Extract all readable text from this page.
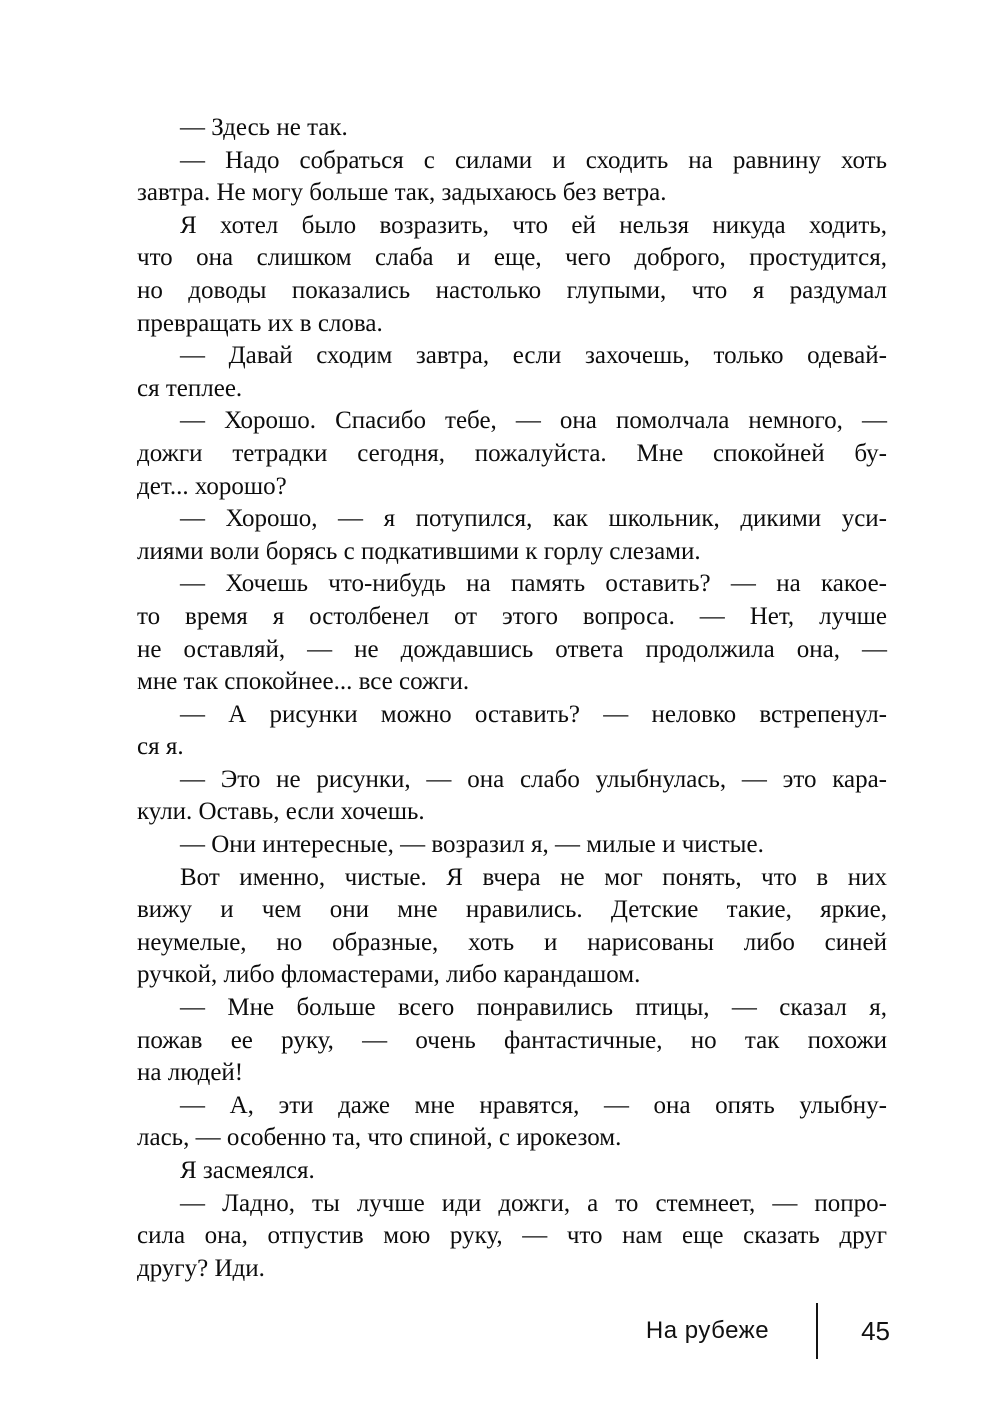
— Здесь не так.

— Надо собраться с силами и сходить на равнину хоть
завтра. Не могу больше так, задыхаюсь без ветра.

Я хотел было возразить, что ей нельзя никуда ходить,
что она слишком слаба и еще, чего доброго, простудится,
но доводы показались настолько глупыми, что я раздумал
превращать их в слова.

— Давай сходим завтра, если захочешь, только одевай-
ся теплее.

— Хорошо. Спасибо тебе, — она помолчала немного, —
дожги тетрадки сегодня, пожалуйста. Мне спокойней бу-
дет... хорошо?

— Хорошо, — я потупился, как школьник, дикими уси-
лиями воли борясь с подкатившими к горлу слезами.

— Хочешь что-нибудь на память оставить? — на какое-
то время я остолбенел от этого вопроса. — Нет, лучше
не оставляй, — не дождавшись ответа продолжила она, —
мне так спокойнее... все сожги.

— А рисунки можно оставить? — неловко встрепенул-
ся я.

— Это не рисунки, — она слабо улыбнулась, — это кара-
кули. Оставь, если хочешь.

— Они интересные, — возразил я, — милые и чистые.

Вот именно, чистые. Я вчера не мог понять, что в них
вижу и чем они мне нравились. Детские такие, яркие,
неумелые, но образные, хоть и нарисованы либо синей
ручкой, либо фломастерами, либо карандашом.

— Мне больше всего понравились птицы, — сказал я,
пожав ее руку, — очень фантастичные, но так похожи
на людей!

— А, эти даже мне нравятся, — она опять улыбну-
лась, — особенно та, что спиной, с ирокезом.

Я засмеялся.

— Ладно, ты лучше иди дожги, а то стемнеет, — попро-
сила она, отпустив мою руку, — что нам еще сказать друг
другу? Иди.

На рубеже	45
